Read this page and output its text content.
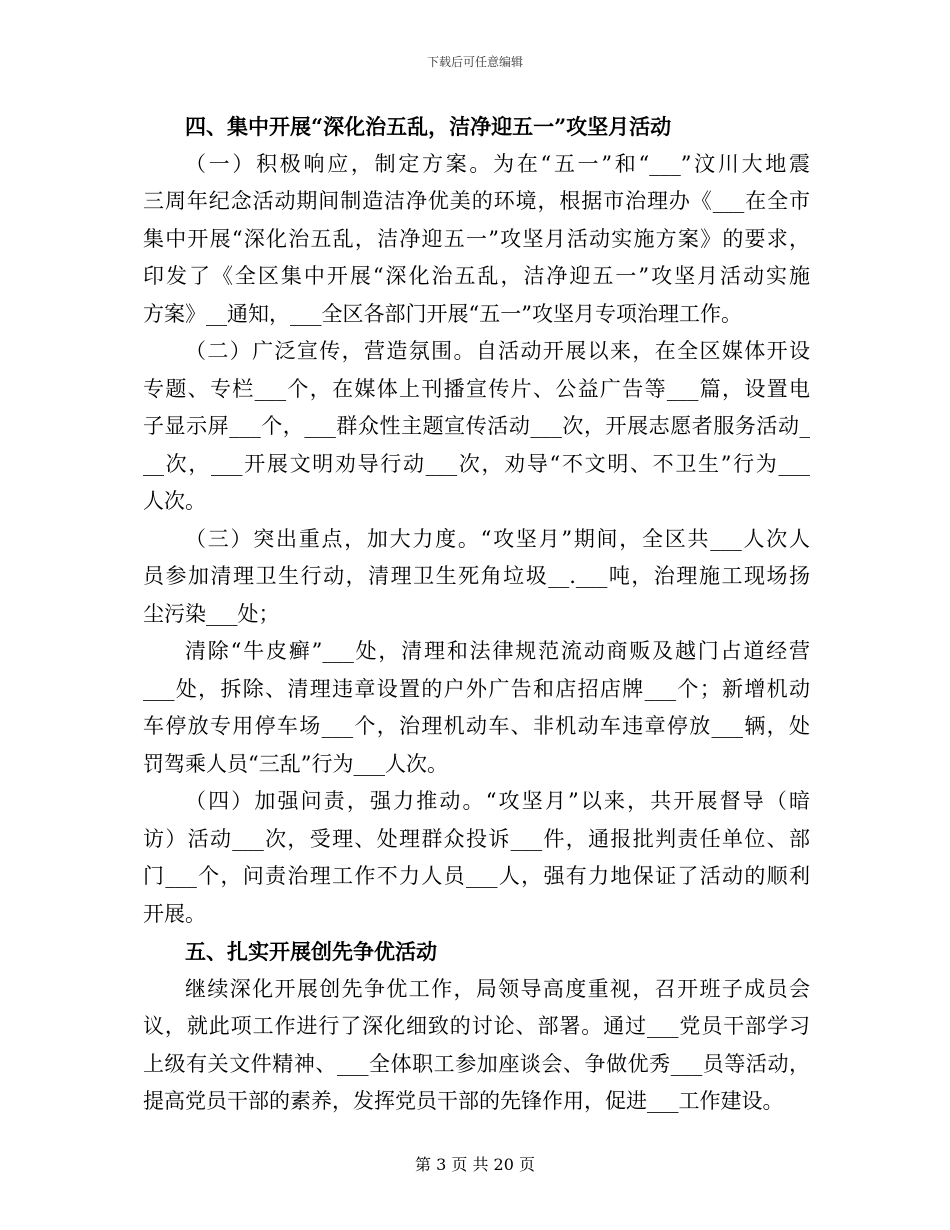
下载后可任意编辑
四、集中开展“深化治五乱，洁净迎五一”攻坚月活动
（一）积极响应，制定方案。为在“五一”和“___”汶川大地震
三周年纪念活动期间制造洁净优美的环境，根据市治理办《___在全市
集中开展“深化治五乱，洁净迎五一”攻坚月活动实施方案》的要求，
印发了《全区集中开展“深化治五乱，洁净迎五一”攻坚月活动实施
方案》__通知，___全区各部门开展“五一”攻坚月专项治理工作。
（二）广泛宣传，营造氛围。自活动开展以来，在全区媒体开设
专题、专栏___个，在媒体上刊播宣传片、公益广告等___篇，设置电
子显示屏___个，___群众性主题宣传活动___次，开展志愿者服务活动_
__次，___开展文明劝导行动___次，劝导“不文明、不卫生”行为___
人次。
（三）突出重点，加大力度。“攻坚月”期间，全区共___人次人
员参加清理卫生行动，清理卫生死角垃圾__.___吨，治理施工现场扬
尘污染___处；
清除“牛皮癣”___处，清理和法律规范流动商贩及越门占道经营
___处，拆除、清理违章设置的户外广告和店招店牌___个；新增机动
车停放专用停车场___个，治理机动车、非机动车违章停放___辆，处
罚驾乘人员“三乱”行为___人次。
（四）加强问责，强力推动。“攻坚月”以来，共开展督导（暗
访）活动___次，受理、处理群众投诉___件，通报批判责任单位、部
门___个，问责治理工作不力人员___人，强有力地保证了活动的顺利
开展。
五、扎实开展创先争优活动
继续深化开展创先争优工作，局领导高度重视，召开班子成员会
议，就此项工作进行了深化细致的讨论、部署。通过___党员干部学习
上级有关文件精神、___全体职工参加座谈会、争做优秀___员等活动，
提高党员干部的素养，发挥党员干部的先锋作用，促进___工作建设。
第 3 页 共 20 页
